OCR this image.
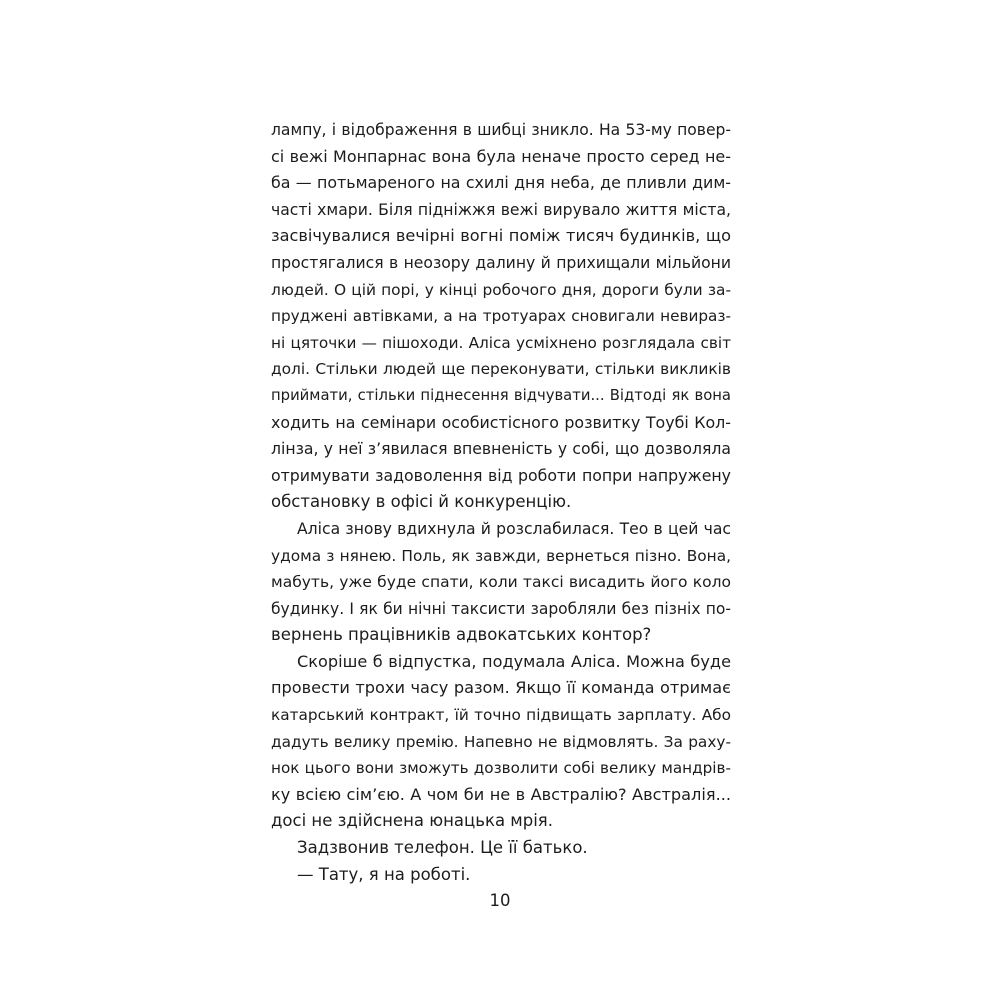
лампу, і відображення в шибці зникло. На 53-му повер-
сі вежі Монпарнас вона була неначе просто серед не-
ба — потьмареного на схилі дня неба, де пливли дим-
часті хмари. Біля підніжжя вежі вирувало життя міста,
засвічувалися вечірні вогні поміж тисяч будинків, що
простягалися в неозору далину й прихищали мільйони
людей. О цій порі, у кінці робочого дня, дороги були за-
пруджені автівками, а на тротуарах сновигали невираз-
ні цяточки — пішоходи. Аліса усміхнено розглядала світ
долі. Стільки людей ще переконувати, стільки викликів
приймати, стільки піднесення відчувати... Відтоді як вона
ходить на семінари особистісного розвитку Тоубі Кол-
лінза, у неї з’явилася впевненість у собі, що дозволяла
отримувати задоволення від роботи попри напружену
обстановку в офісі й конкуренцію.
Аліса знову вдихнула й розслабилася. Тео в цей час
удома з нянею. Поль, як завжди, вернеться пізно. Вона,
мабуть, уже буде спати, коли таксі висадить його коло
будинку. І як би нічні таксисти заробляли без пізніх по-
вернень працівників адвокатських контор?
Скоріше б відпустка, подумала Аліса. Можна буде
провести трохи часу разом. Якщо її команда отримає
катарський контракт, їй точно підвищать зарплату. Або
дадуть велику премію. Напевно не відмовлять. За раху-
нок цього вони зможуть дозволити собі велику мандрів-
ку всією сім’єю. А чом би не в Австралію? Австралія...
досі не здійснена юнацька мрія.
Задзвонив телефон. Це її батько.
— Тату, я на роботі.
10
